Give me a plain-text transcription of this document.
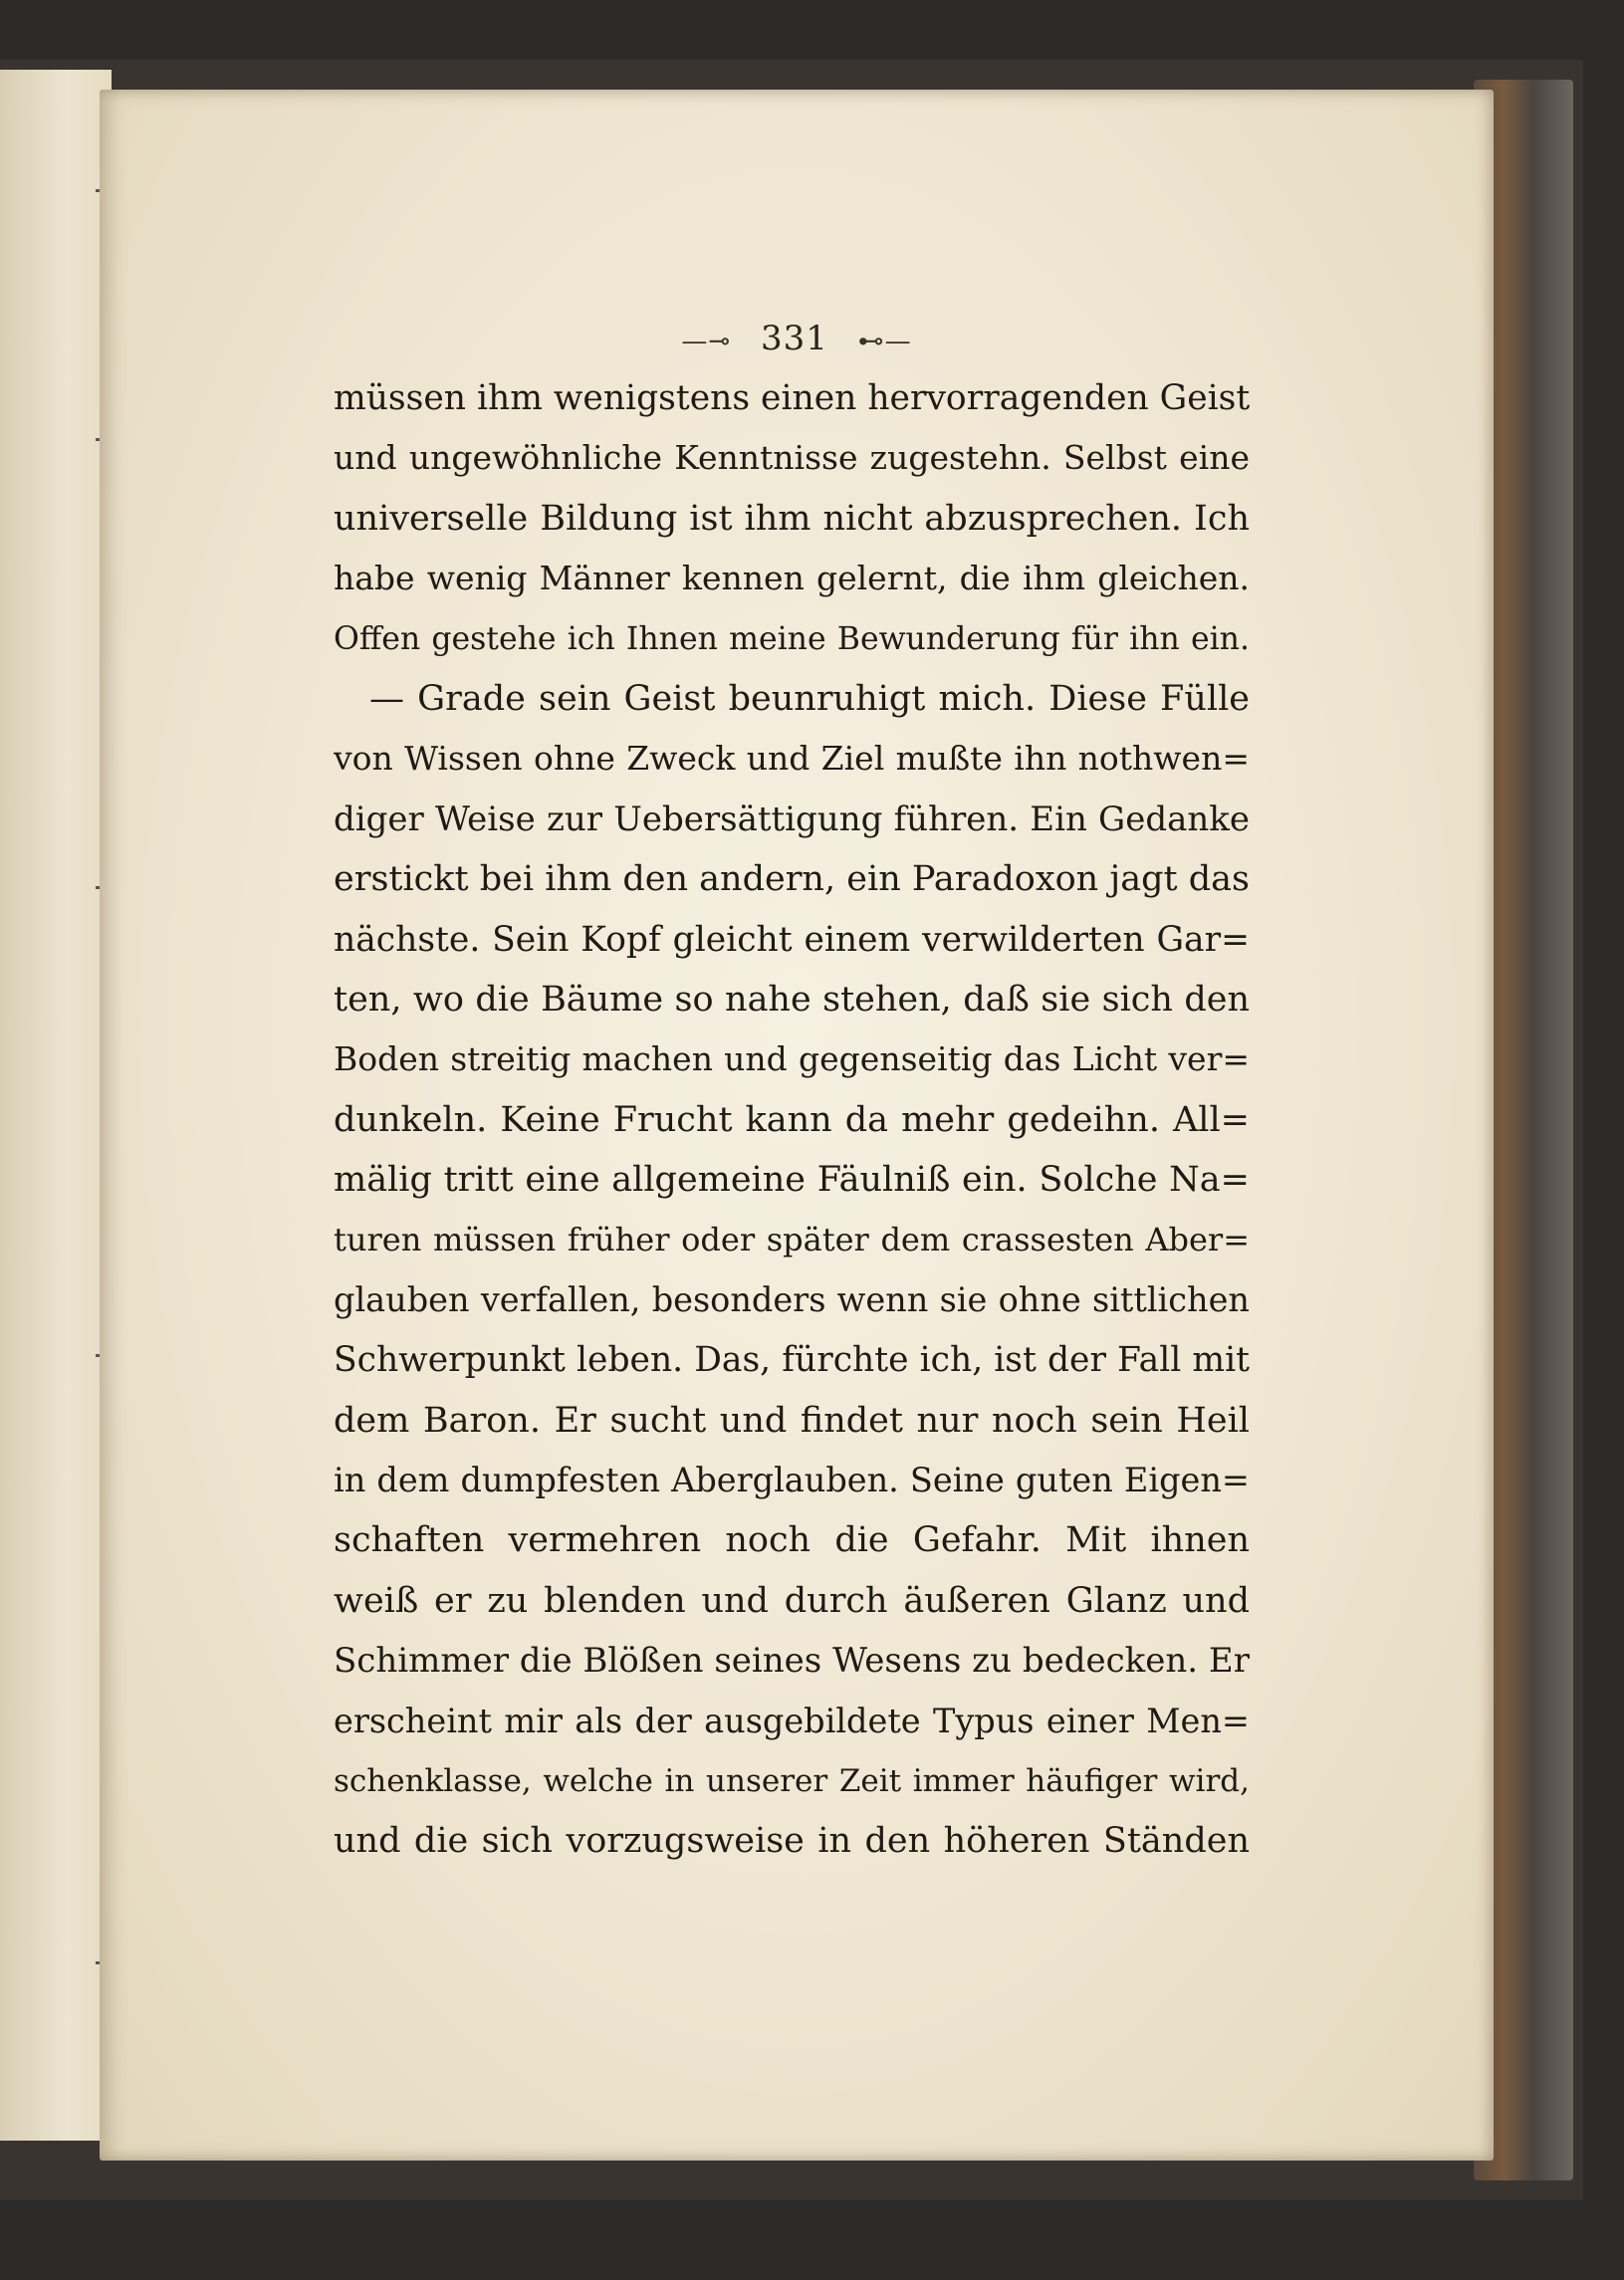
—⊸ 331 ⊷—
müssen ihm wenigstens einen hervorragenden Geist
und ungewöhnliche Kenntnisse zugestehn. Selbst eine
universelle Bildung ist ihm nicht abzusprechen. Ich
habe wenig Männer kennen gelernt, die ihm gleichen.
Offen gestehe ich Ihnen meine Bewunderung für ihn ein.
— Grade sein Geist beunruhigt mich. Diese Fülle
von Wissen ohne Zweck und Ziel mußte ihn nothwen=
diger Weise zur Uebersättigung führen. Ein Gedanke
erstickt bei ihm den andern, ein Paradoxon jagt das
nächste. Sein Kopf gleicht einem verwilderten Gar=
ten, wo die Bäume so nahe stehen, daß sie sich den
Boden streitig machen und gegenseitig das Licht ver=
dunkeln. Keine Frucht kann da mehr gedeihn. All=
mälig tritt eine allgemeine Fäulniß ein. Solche Na=
turen müssen früher oder später dem crassesten Aber=
glauben verfallen, besonders wenn sie ohne sittlichen
Schwerpunkt leben. Das, fürchte ich, ist der Fall mit
dem Baron. Er sucht und findet nur noch sein Heil
in dem dumpfesten Aberglauben. Seine guten Eigen=
schaften vermehren noch die Gefahr. Mit ihnen
weiß er zu blenden und durch äußeren Glanz und
Schimmer die Blößen seines Wesens zu bedecken. Er
erscheint mir als der ausgebildete Typus einer Men=
schenklasse, welche in unserer Zeit immer häufiger wird,
und die sich vorzugsweise in den höheren Ständen
